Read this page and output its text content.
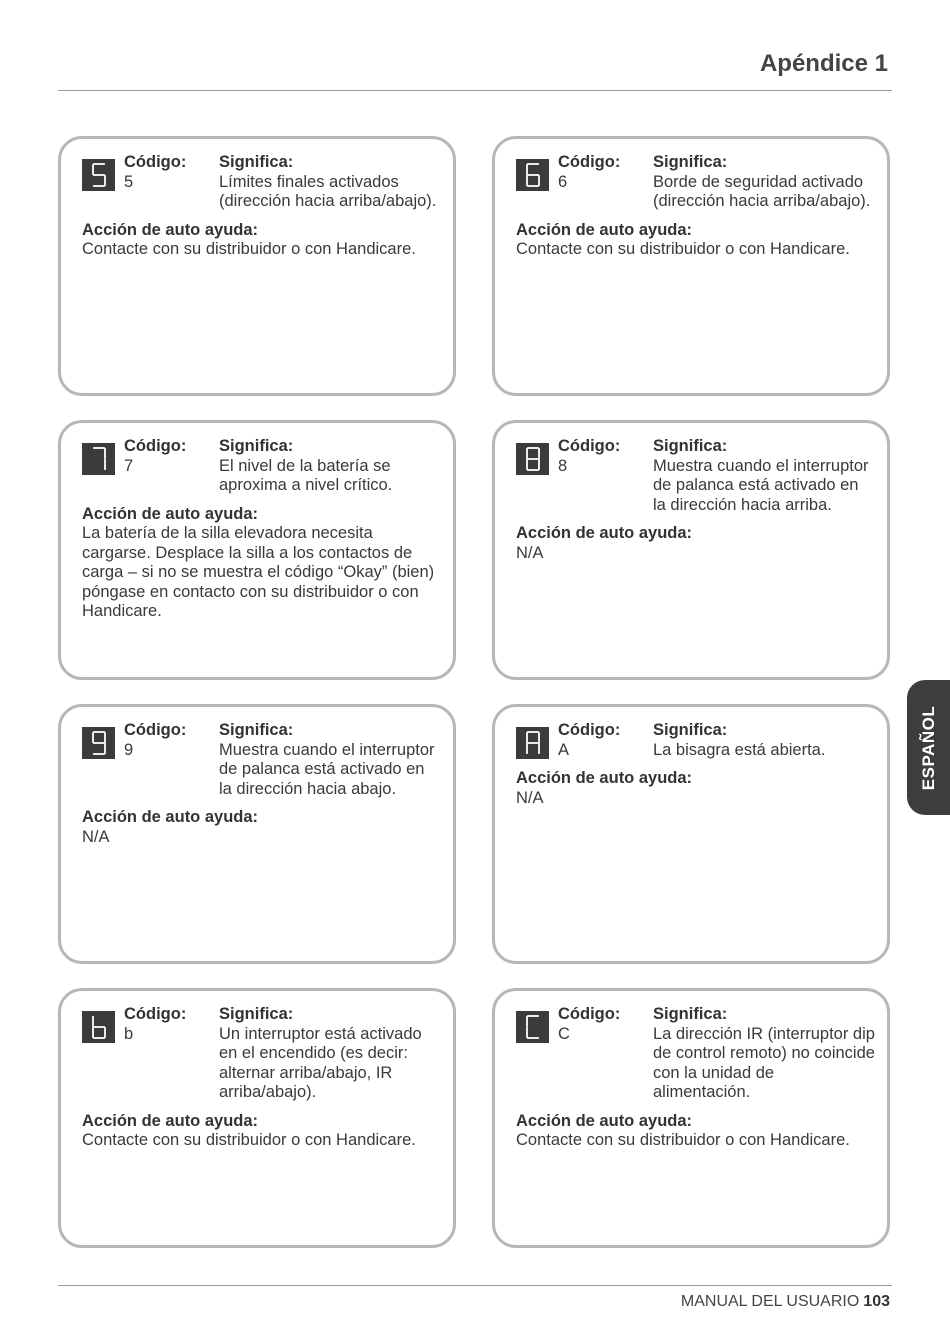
Apéndice 1
Código:
5
Significa:
Límites finales activados (dirección hacia arriba/abajo).
Acción de auto ayuda:
Contacte con su distribuidor o con Handicare.
Código:
6
Significa:
Borde de seguridad activado (dirección hacia arriba/abajo).
Acción de auto ayuda:
Contacte con su distribuidor o con Handicare.
Código:
7
Significa:
El nivel de la batería se aproxima a nivel crítico.
Acción de auto ayuda:
La batería de la silla elevadora necesita cargarse. Desplace la silla a los contactos de carga – si no se muestra el código “Okay” (bien) póngase en contacto con su distribuidor o con Handicare.
Código:
8
Significa:
Muestra cuando el interruptor de palanca está activado en la dirección hacia arriba.
Acción de auto ayuda:
N/A
Código:
9
Significa:
Muestra cuando el interruptor de palanca está activado en la dirección hacia abajo.
Acción de auto ayuda:
N/A
Código:
A
Significa:
La bisagra está abierta.
Acción de auto ayuda:
N/A
Código:
b
Significa:
Un interruptor está activado en el encendido (es decir: alternar arriba/abajo, IR arriba/abajo).
Acción de auto ayuda:
Contacte con su distribuidor o con Handicare.
Código:
C
Significa:
La dirección IR (interruptor dip de control remoto) no coincide con la unidad de alimentación.
Acción de auto ayuda:
Contacte con su distribuidor o con Handicare.
ESPAÑOL
MANUAL DEL USUARIO 103
